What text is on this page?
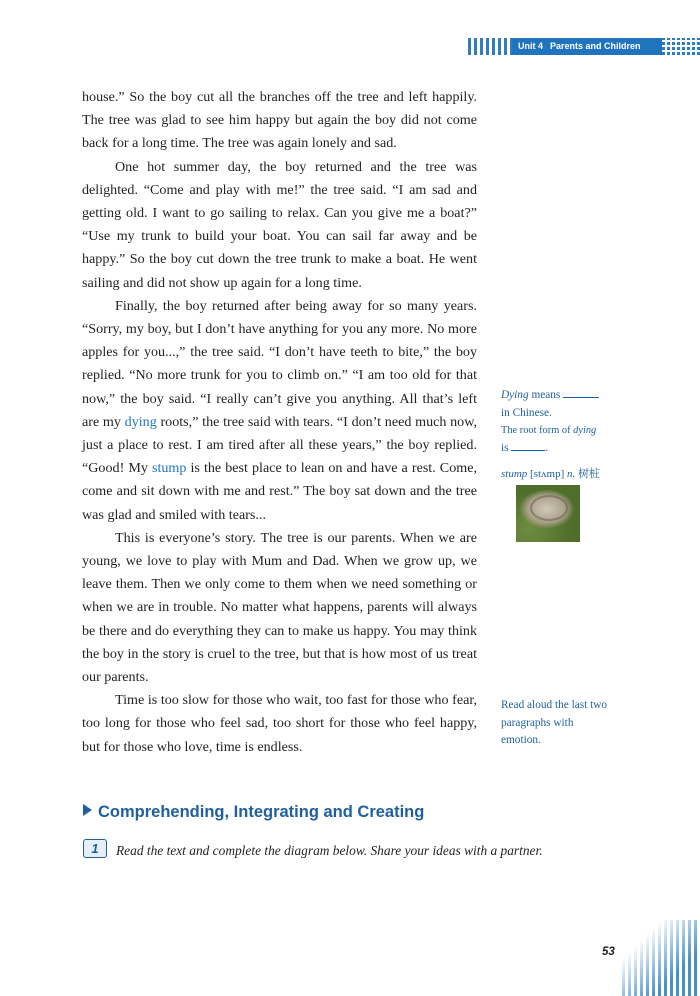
Unit 4 Parents and Children

house.” So the boy cut all the branches off the tree and left happily. The tree was glad to see him happy but again the boy did not come back for a long time. The tree was again lonely and sad.

One hot summer day, the boy returned and the tree was delighted. “Come and play with me!” the tree said. “I am sad and getting old. I want to go sailing to relax. Can you give me a boat?” “Use my trunk to build your boat. You can sail far away and be happy.” So the boy cut down the tree trunk to make a boat. He went sailing and did not show up again for a long time.

Finally, the boy returned after being away for so many years. “Sorry, my boy, but I don’t have anything for you any more. No more apples for you...,” the tree said. “I don’t have teeth to bite,” the boy replied. “No more trunk for you to climb on.” “I am too old for that now,” the boy said. “I really can’t give you anything. All that’s left are my dying roots,” the tree said with tears. “I don’t need much now, just a place to rest. I am tired after all these years,” the boy replied. “Good! My stump is the best place to lean on and have a rest. Come, come and sit down with me and rest.” The boy sat down and the tree was glad and smiled with tears...

This is everyone’s story. The tree is our parents. When we are young, we love to play with Mum and Dad. When we grow up, we leave them. Then we only come to them when we need something or when we are in trouble. No matter what happens, parents will always be there and do everything they can to make us happy. You may think the boy in the story is cruel to the tree, but that is how most of us treat our parents.

Time is too slow for those who wait, too fast for those who fear, too long for those who feel sad, too short for those who feel happy, but for those who love, time is endless.

Dying means
in Chinese.
The root form of dying
is	.
stump [stʌmp] n. 树桩
Read aloud the last two paragraphs with emotion.
Comprehending, Integrating and Creating
1	Read the text and complete the diagram below. Share your ideas with a partner.
53
